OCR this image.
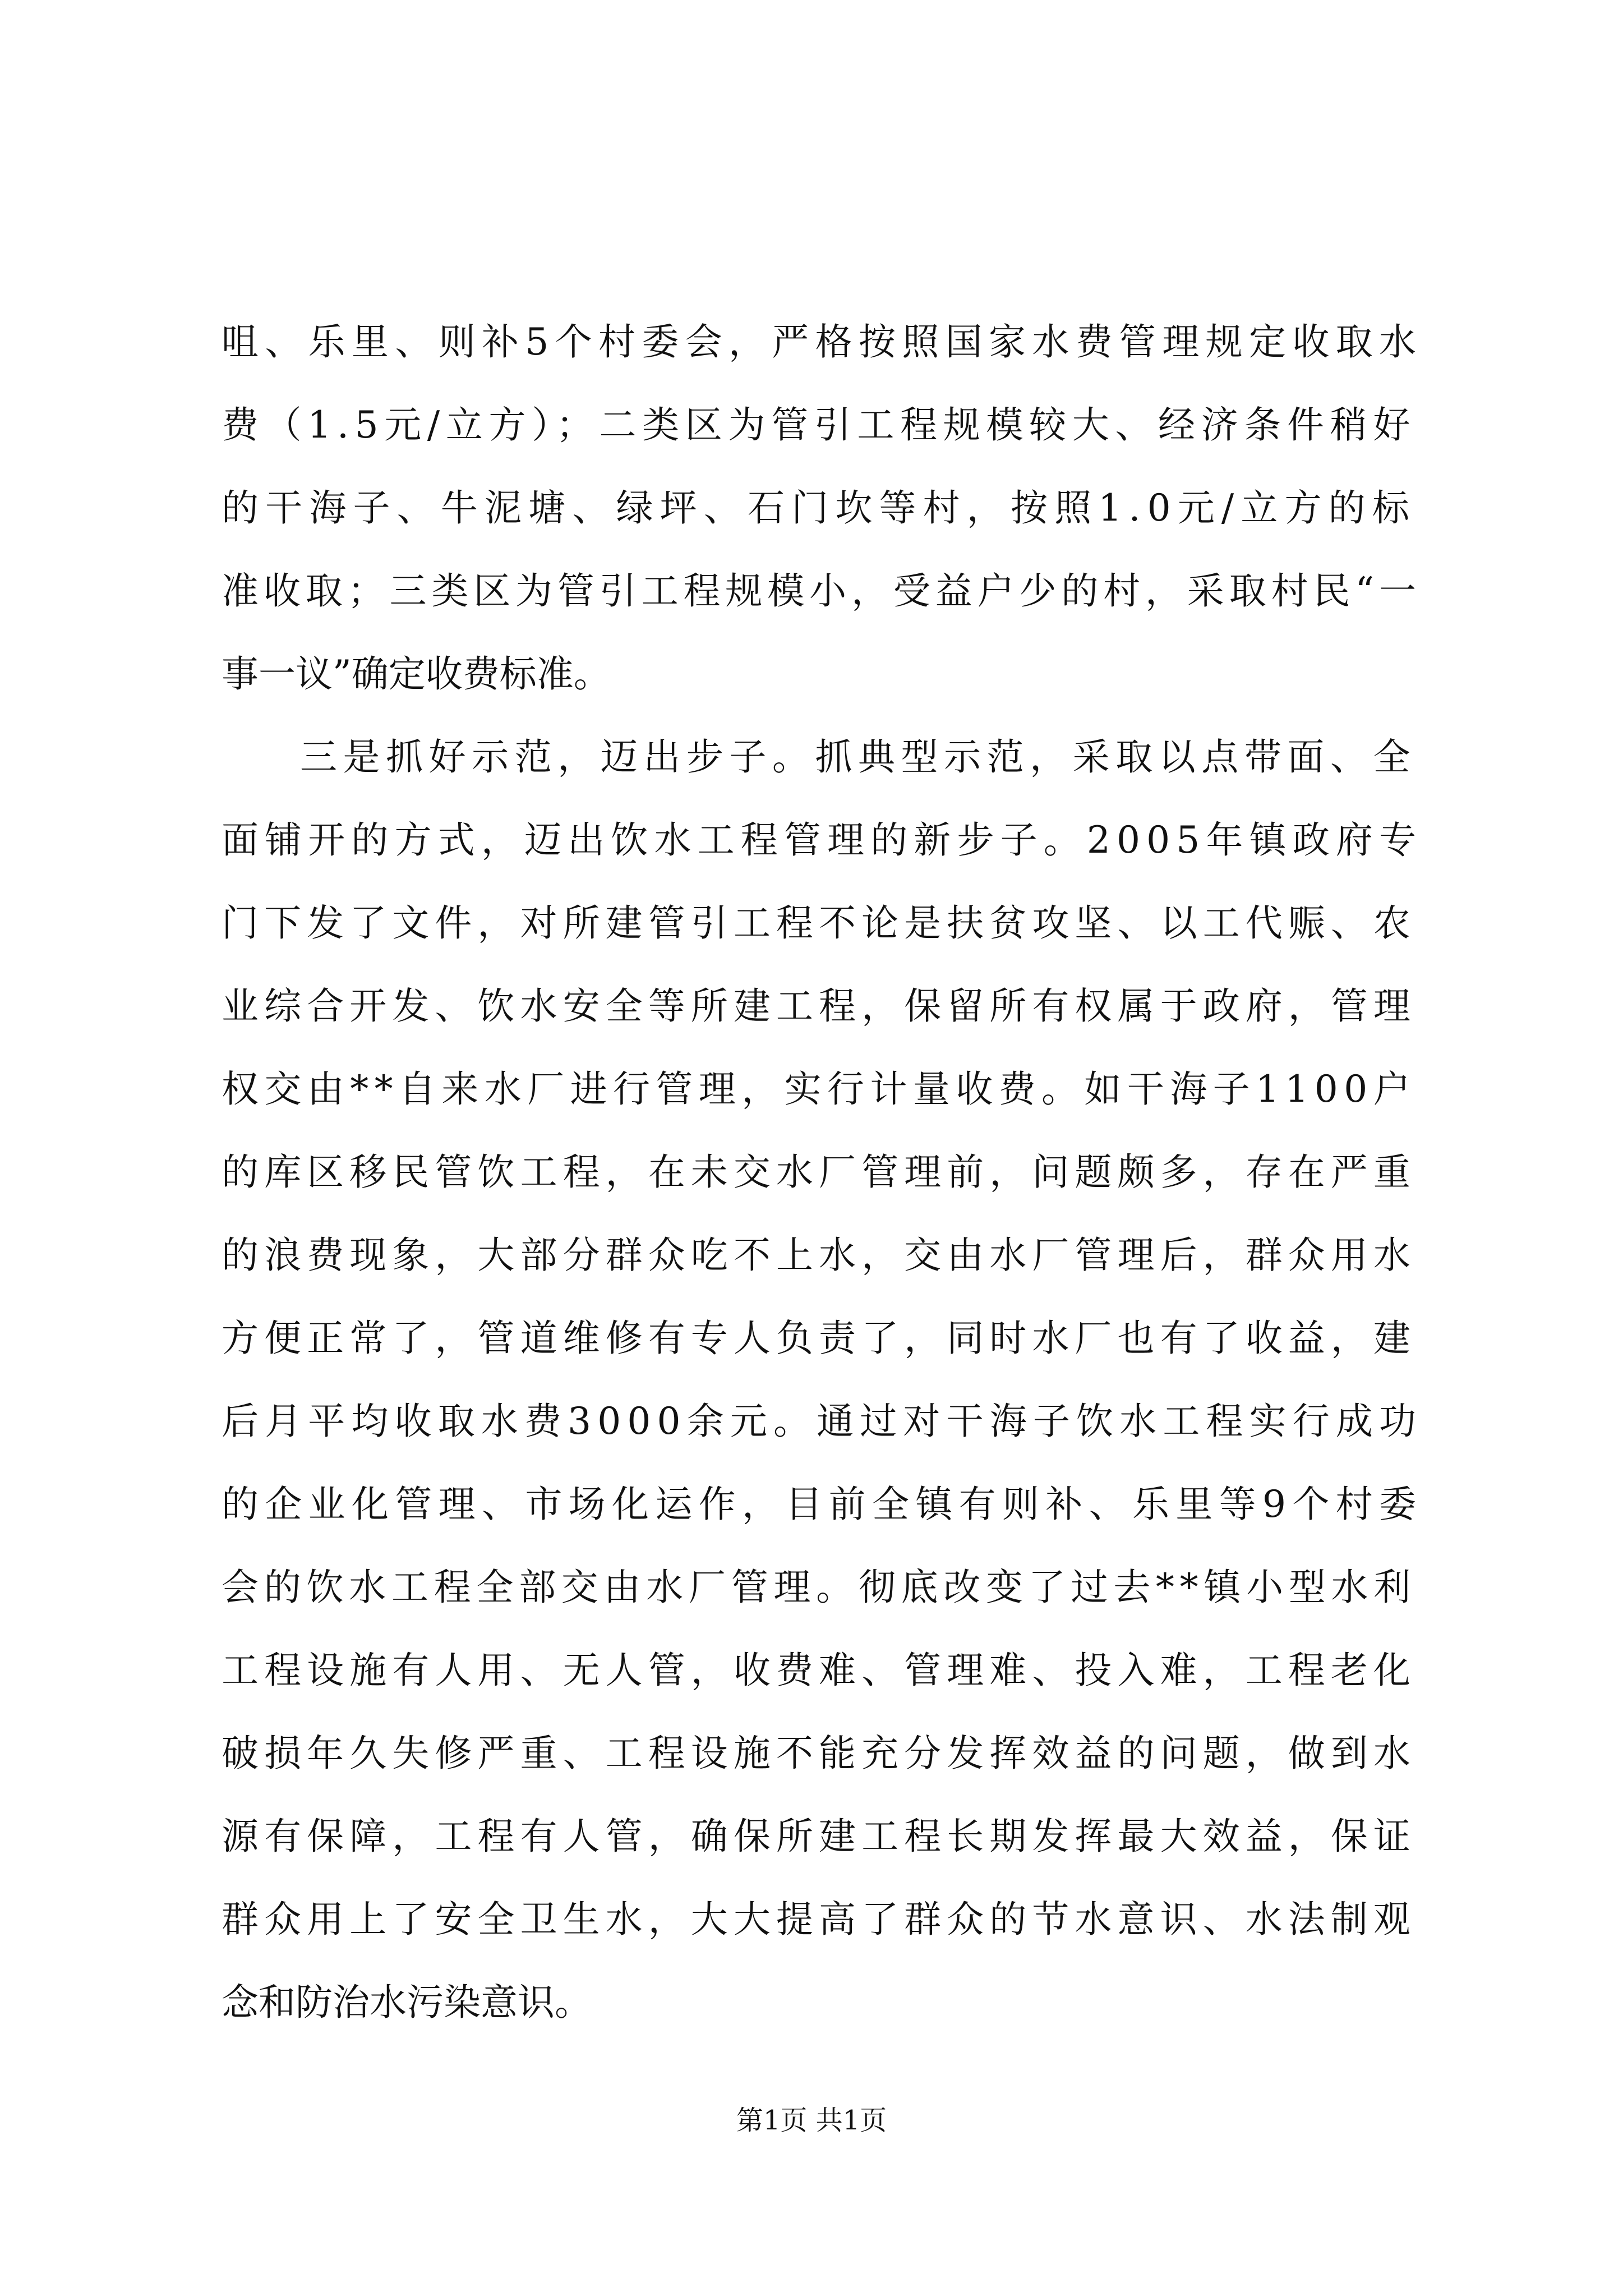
咀、乐里、则补5个村委会，严格按照国家水费管理规定收取水
费（1.5元/立方）；二类区为管引工程规模较大、经济条件稍好
的干海子、牛泥塘、绿坪、石门坎等村，按照1.0元/立方的标
准收取；三类区为管引工程规模小，受益户少的村，采取村民“一
事一议”确定收费标准。
三是抓好示范，迈出步子。抓典型示范，采取以点带面、全
面铺开的方式，迈出饮水工程管理的新步子。2005年镇政府专
门下发了文件，对所建管引工程不论是扶贫攻坚、以工代赈、农
业综合开发、饮水安全等所建工程，保留所有权属于政府，管理
权交由**自来水厂进行管理，实行计量收费。如干海子1100户
的库区移民管饮工程，在未交水厂管理前，问题颇多，存在严重
的浪费现象，大部分群众吃不上水，交由水厂管理后，群众用水
方便正常了，管道维修有专人负责了，同时水厂也有了收益，建
后月平均收取水费3000余元。通过对干海子饮水工程实行成功
的企业化管理、市场化运作，目前全镇有则补、乐里等9个村委
会的饮水工程全部交由水厂管理。彻底改变了过去**镇小型水利
工程设施有人用、无人管，收费难、管理难、投入难，工程老化
破损年久失修严重、工程设施不能充分发挥效益的问题，做到水
源有保障，工程有人管，确保所建工程长期发挥最大效益，保证
群众用上了安全卫生水，大大提高了群众的节水意识、水法制观
念和防治水污染意识。
第1页 共1页
